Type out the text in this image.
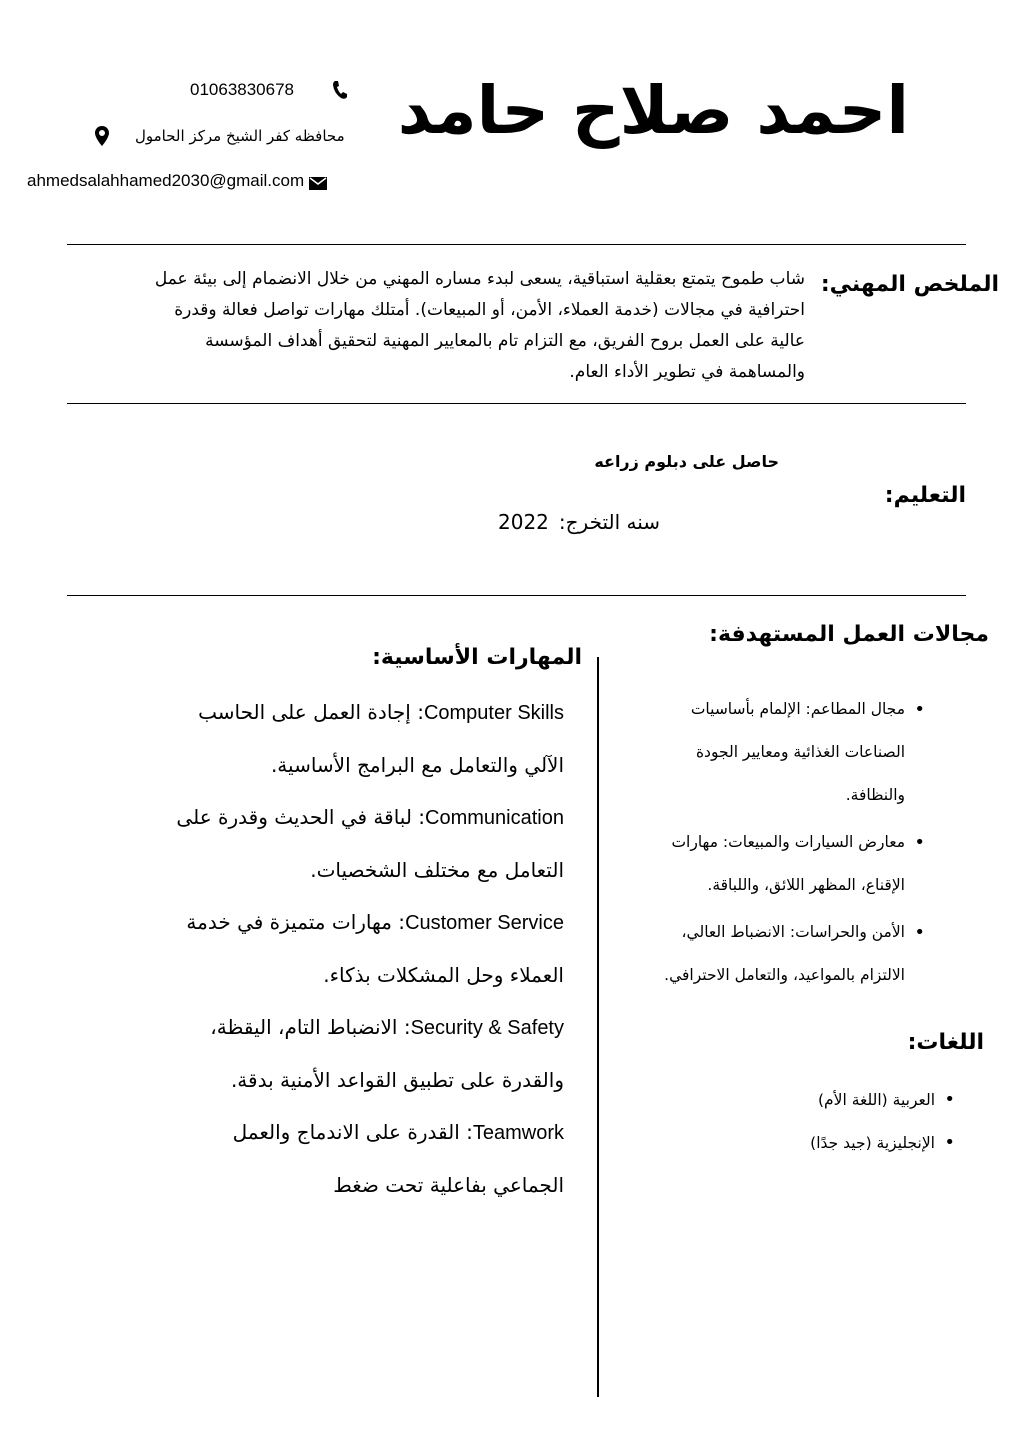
احمد صلاح حامد
01063830678
محافظه كفر الشيخ مركز الحامول
ahmedsalahhamed2030@gmail.com
الملخص المهني:
شاب طموح يتمتع بعقلية استباقية، يسعى لبدء مساره المهني من خلال الانضمام إلى بيئة عمل احترافية في مجالات (خدمة العملاء، الأمن، أو المبيعات). أمتلك مهارات تواصل فعالة وقدرة عالية على العمل بروح الفريق، مع التزام تام بالمعايير المهنية لتحقيق أهداف المؤسسة والمساهمة في تطوير الأداء العام.
حاصل على دبلوم زراعه
التعليم:
سنه التخرج:
2022
مجالات العمل المستهدفة:
• مجال المطاعم: الإلمام بأساسيات الصناعات الغذائية ومعايير الجودة والنظافة.
• معارض السيارات والمبيعات: مهارات الإقناع، المظهر اللائق، واللباقة.
• الأمن والحراسات: الانضباط العالي، الالتزام بالمواعيد، والتعامل الاحترافي.
اللغات:
• العربية (اللغة الأم)
• الإنجليزية (جيد جدًا)
المهارات الأساسية:
Computer Skills: إجادة العمل على الحاسب الآلي والتعامل مع البرامج الأساسية.
Communication: لباقة في الحديث وقدرة على التعامل مع مختلف الشخصيات.
Customer Service: مهارات متميزة في خدمة العملاء وحل المشكلات بذكاء.
Security & Safety: الانضباط التام، اليقظة، والقدرة على تطبيق القواعد الأمنية بدقة.
Teamwork: القدرة على الاندماج والعمل الجماعي بفاعلية تحت ضغط
